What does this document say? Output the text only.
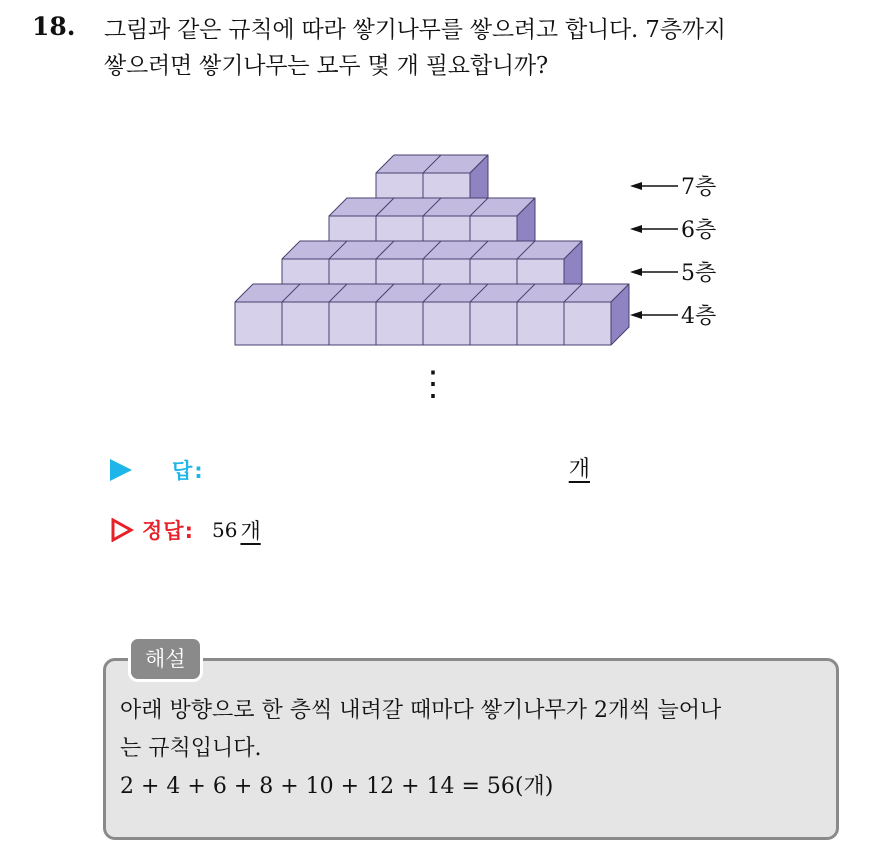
18. 그림과 같은 규칙에 따라 쌓기나무를 쌓으려고 합니다. 7층까지
쌓으려면 쌓기나무는 모두 몇 개 필요합니까?
7층
6층
5층
4층
⋮
답:	개
정답: 56 개
해설
아래 방향으로 한 층씩 내려갈 때마다 쌓기나무가 2개씩 늘어나
는 규칙입니다.
2 + 4 + 6 + 8 + 10 + 12 + 14 = 56(개)
